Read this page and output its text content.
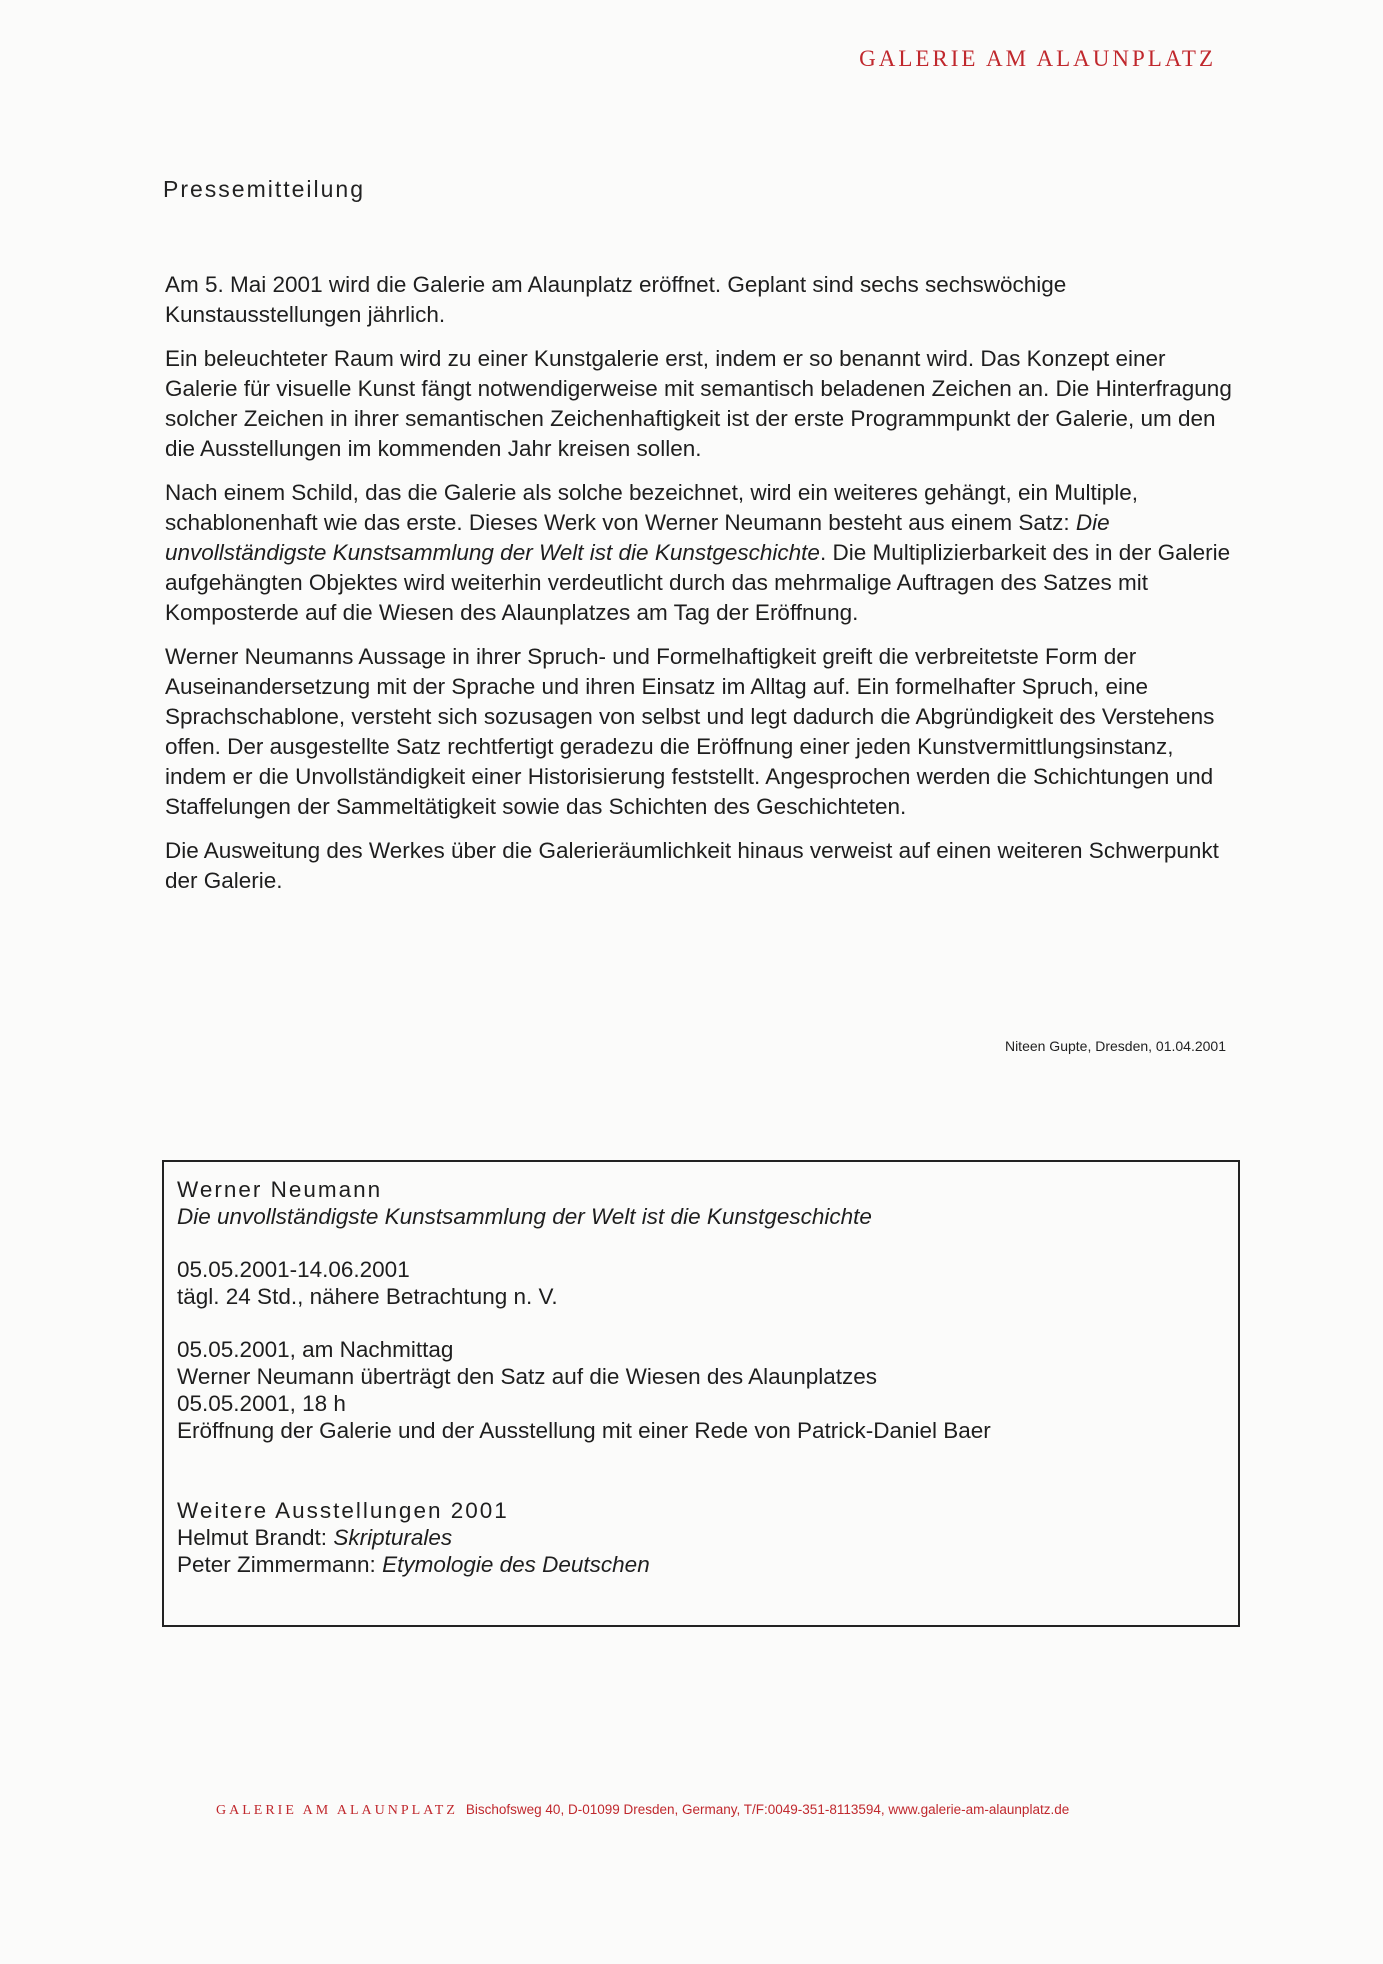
GALERIE AM ALAUNPLATZ
Pressemitteilung

Am 5. Mai 2001 wird die Galerie am Alaunplatz eröffnet. Geplant sind sechs sechswöchige Kunstausstellungen jährlich.

Ein beleuchteter Raum wird zu einer Kunstgalerie erst, indem er so benannt wird. Das Konzept einer Galerie für visuelle Kunst fängt notwendigerweise mit semantisch beladenen Zeichen an. Die Hinterfragung solcher Zeichen in ihrer semantischen Zeichenhaftigkeit ist der erste Programmpunkt der Galerie, um den die Ausstellungen im kommenden Jahr kreisen sollen.

Nach einem Schild, das die Galerie als solche bezeichnet, wird ein weiteres gehängt, ein Multiple, schablonenhaft wie das erste. Dieses Werk von Werner Neumann besteht aus einem Satz: Die unvollständigste Kunstsammlung der Welt ist die Kunstgeschichte. Die Multiplizierbarkeit des in der Galerie aufgehängten Objektes wird weiterhin verdeutlicht durch das mehrmalige Auftragen des Satzes mit Komposterde auf die Wiesen des Alaunplatzes am Tag der Eröffnung.

Werner Neumanns Aussage in ihrer Spruch- und Formelhaftigkeit greift die verbreitetste Form der Auseinandersetzung mit der Sprache und ihren Einsatz im Alltag auf. Ein formelhafter Spruch, eine Sprachschablone, versteht sich sozusagen von selbst und legt dadurch die Abgründigkeit des Verstehens offen. Der ausgestellte Satz rechtfertigt geradezu die Eröffnung einer jeden Kunstvermittlungsinstanz, indem er die Unvollständigkeit einer Historisierung feststellt. Angesprochen werden die Schichtungen und Staffelungen der Sammeltätigkeit sowie das Schichten des Geschichteten.

Die Ausweitung des Werkes über die Galerieräumlichkeit hinaus verweist auf einen weiteren Schwerpunkt der Galerie.

Niteen Gupte, Dresden, 01.04.2001
Werner Neumann
Die unvollständigste Kunstsammlung der Welt ist die Kunstgeschichte
05.05.2001-14.06.2001
tägl. 24 Std., nähere Betrachtung n. V.
05.05.2001, am Nachmittag
Werner Neumann überträgt den Satz auf die Wiesen des Alaunplatzes
05.05.2001, 18 h
Eröffnung der Galerie und der Ausstellung mit einer Rede von Patrick-Daniel Baer
Weitere Ausstellungen 2001
Helmut Brandt: Skripturales
Peter Zimmermann: Etymologie des Deutschen
GALERIE AM ALAUNPLATZ Bischofsweg 40, D-01099 Dresden, Germany, T/F:0049-351-8113594, www.galerie-am-alaunplatz.de
